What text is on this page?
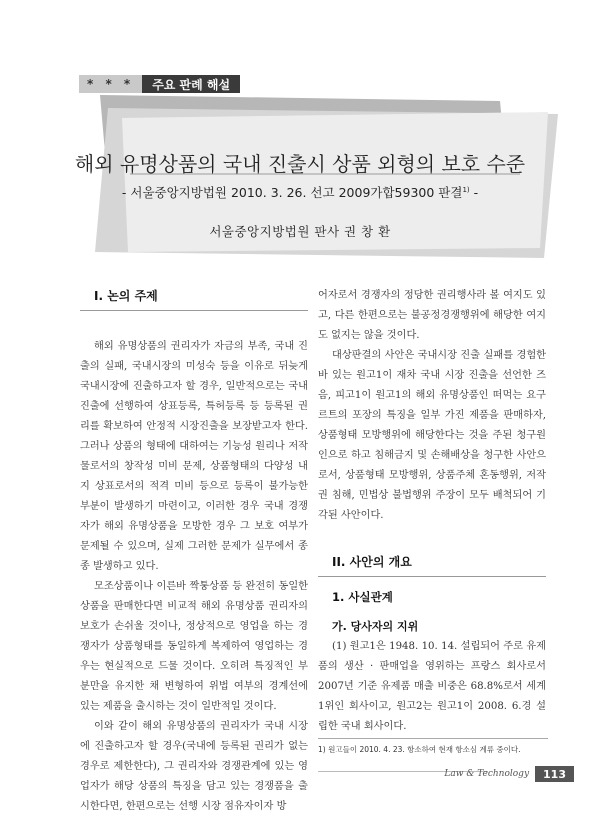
* * *	주요 판례 해설
해외 유명상품의 국내 진출시 상품 외형의 보호 수준
- 서울중앙지방법원 2010. 3. 26. 선고 2009가합59300 판결$^{1)}$ -
서울중앙지방법원 판사 권 창 환

I. 논의 주제

해외 유명상품의 권리자가 자금의 부족, 국내 진출의 실패, 국내시장의 미성숙 등을 이유로 뒤늦게 국내시장에 진출하고자 할 경우, 일반적으로는 국내진출에 선행하여 상표등록, 특허등록 등 등록된 권리를 확보하여 안정적 시장진출을 보장받고자 한다. 그러나 상품의 형태에 대하여는 기능성 원리나 저작물로서의 창작성 미비 문제, 상품형태의 다양성 내지 상표로서의 적격 미비 등으로 등록이 불가능한 부분이 발생하기 마련이고, 이러한 경우 국내 경쟁자가 해외 유명상품을 모방한 경우 그 보호 여부가 문제될 수 있으며, 실제 그러한 문제가 실무에서 종종 발생하고 있다.

모조상품이나 이른바 짝퉁상품 등 완전히 동일한 상품을 판매한다면 비교적 해외 유명상품 권리자의 보호가 손쉬울 것이나, 정상적으로 영업을 하는 경쟁자가 상품형태를 동일하게 복제하여 영업하는 경우는 현실적으로 드물 것이다. 오히려 특징적인 부분만을 유지한 채 변형하여 위법 여부의 경계선에 있는 제품을 출시하는 것이 일반적일 것이다.

이와 같이 해외 유명상품의 권리자가 국내 시장에 진출하고자 할 경우(국내에 등록된 권리가 없는 경우로 제한한다), 그 권리자와 경쟁관계에 있는 영업자가 해당 상품의 특징을 담고 있는 경쟁품을 출시한다면, 한편으로는 선행 시장 점유자이자 방

어자로서 경쟁자의 정당한 권리행사라 볼 여지도 있고, 다른 한편으로는 불공정경쟁행위에 해당한 여지도 없지는 않을 것이다.

대상판결의 사안은 국내시장 진출 실패를 경험한 바 있는 원고1이 재차 국내 시장 진출을 선언한 즈음, 피고1이 원고1의 해외 유명상품인 떠먹는 요구르트의 포장의 특징을 일부 가진 제품을 판매하자, 상품형태 모방행위에 해당한다는 것을 주된 청구원인으로 하고 침해금지 및 손해배상을 청구한 사안으로서, 상품형태 모방행위, 상품주체 혼동행위, 저작권 침해, 민법상 불법행위 주장이 모두 배척되어 기각된 사안이다.

II. 사안의 개요

1. 사실관계

가. 당사자의 지위

(1) 원고1은 1948. 10. 14. 설립되어 주로 유제품의 생산 · 판매업을 영위하는 프랑스 회사로서 2007년 기준 유제품 매출 비중은 68.8%로서 세계 1위인 회사이고, 원고2는 원고1이 2008. 6.경 설립한 국내 회사이다.

1) 원고들이 2010. 4. 23. 항소하여 현재 항소심 계류 중이다.
Law & Technology	113
